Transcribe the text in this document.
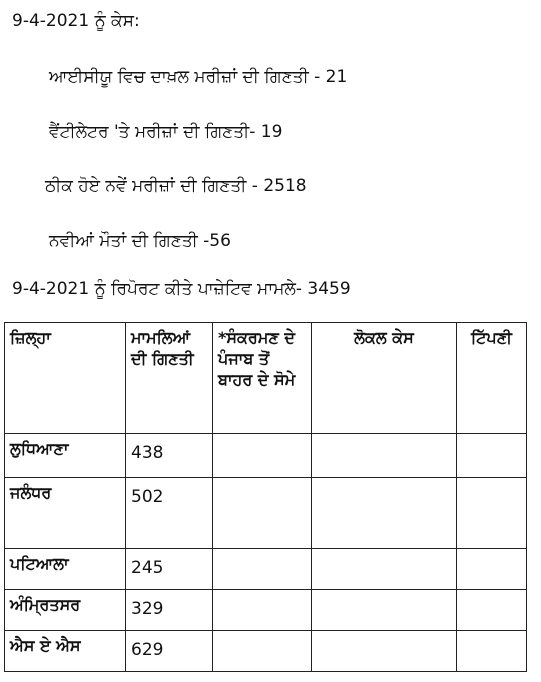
9-4-2021 ਨੂੰ ਕੇਸ:
ਆਈਸੀਯੂ ਵਿਚ ਦਾਖ਼ਲ ਮਰੀਜ਼ਾਂ ਦੀ ਗਿਣਤੀ - 21
ਵੈਂਟੀਲੇਟਰ 'ਤੇ ਮਰੀਜ਼ਾਂ ਦੀ ਗਿਣਤੀ- 19
ਠੀਕ ਹੋਏ ਨਵੇਂ ਮਰੀਜ਼ਾਂ ਦੀ ਗਿਣਤੀ - 2518
ਨਵੀਆਂ ਮੌਤਾਂ ਦੀ ਗਿਣਤੀ -56
9-4-2021 ਨੂੰ ਰਿਪੋਰਟ ਕੀਤੇ ਪਾਜ਼ੇਟਿਵ ਮਾਮਲੇ- 3459
ਜ਼ਿਲ੍ਹਾ	ਮਾਮਲਿਆਂ ਦੀ ਗਿਣਤੀ	*ਸੰਕਰਮਣ ਦੇ ਪੰਜਾਬ ਤੋਂ ਬਾਹਰ ਦੇ ਸੋਮੇ	ਲੋਕਲ ਕੇਸ	ਟਿੱਪਣੀ
ਲੁਧਿਆਣਾ	438			
ਜਲੰਧਰ	502			
ਪਟਿਆਲਾ	245			
ਅੰਮ੍ਰਿਤਸਰ	329			
ਐਸ ਏ ਐਸ	629			
